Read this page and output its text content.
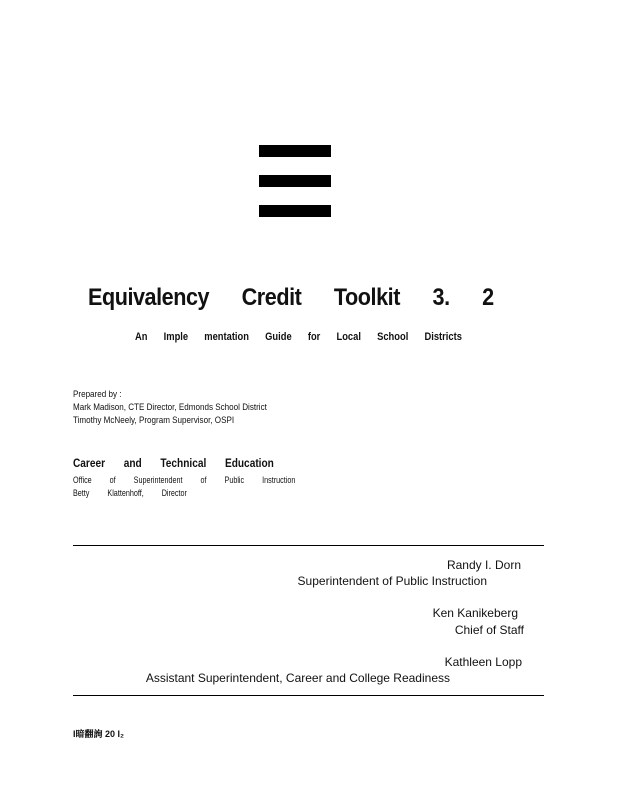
Equivalency Credit Toolkit 3. 2
An Imple mentation Guide for Local School Districts
Prepared by :
Mark Madison, CTE Director, Edmonds School District
Timothy McNeely, Program Supervisor, OSPI
Career and Technical Education
Office of Superintendent of Public Instruction
Betty Klattenhoff, Director
Randy I. Dorn
Superintendent of Public Instruction
Ken Kanikeberg
Chief of Staff
Kathleen Lopp
Assistant Superintendent, Career and College Readiness
I暗翻詢 20 I₂
